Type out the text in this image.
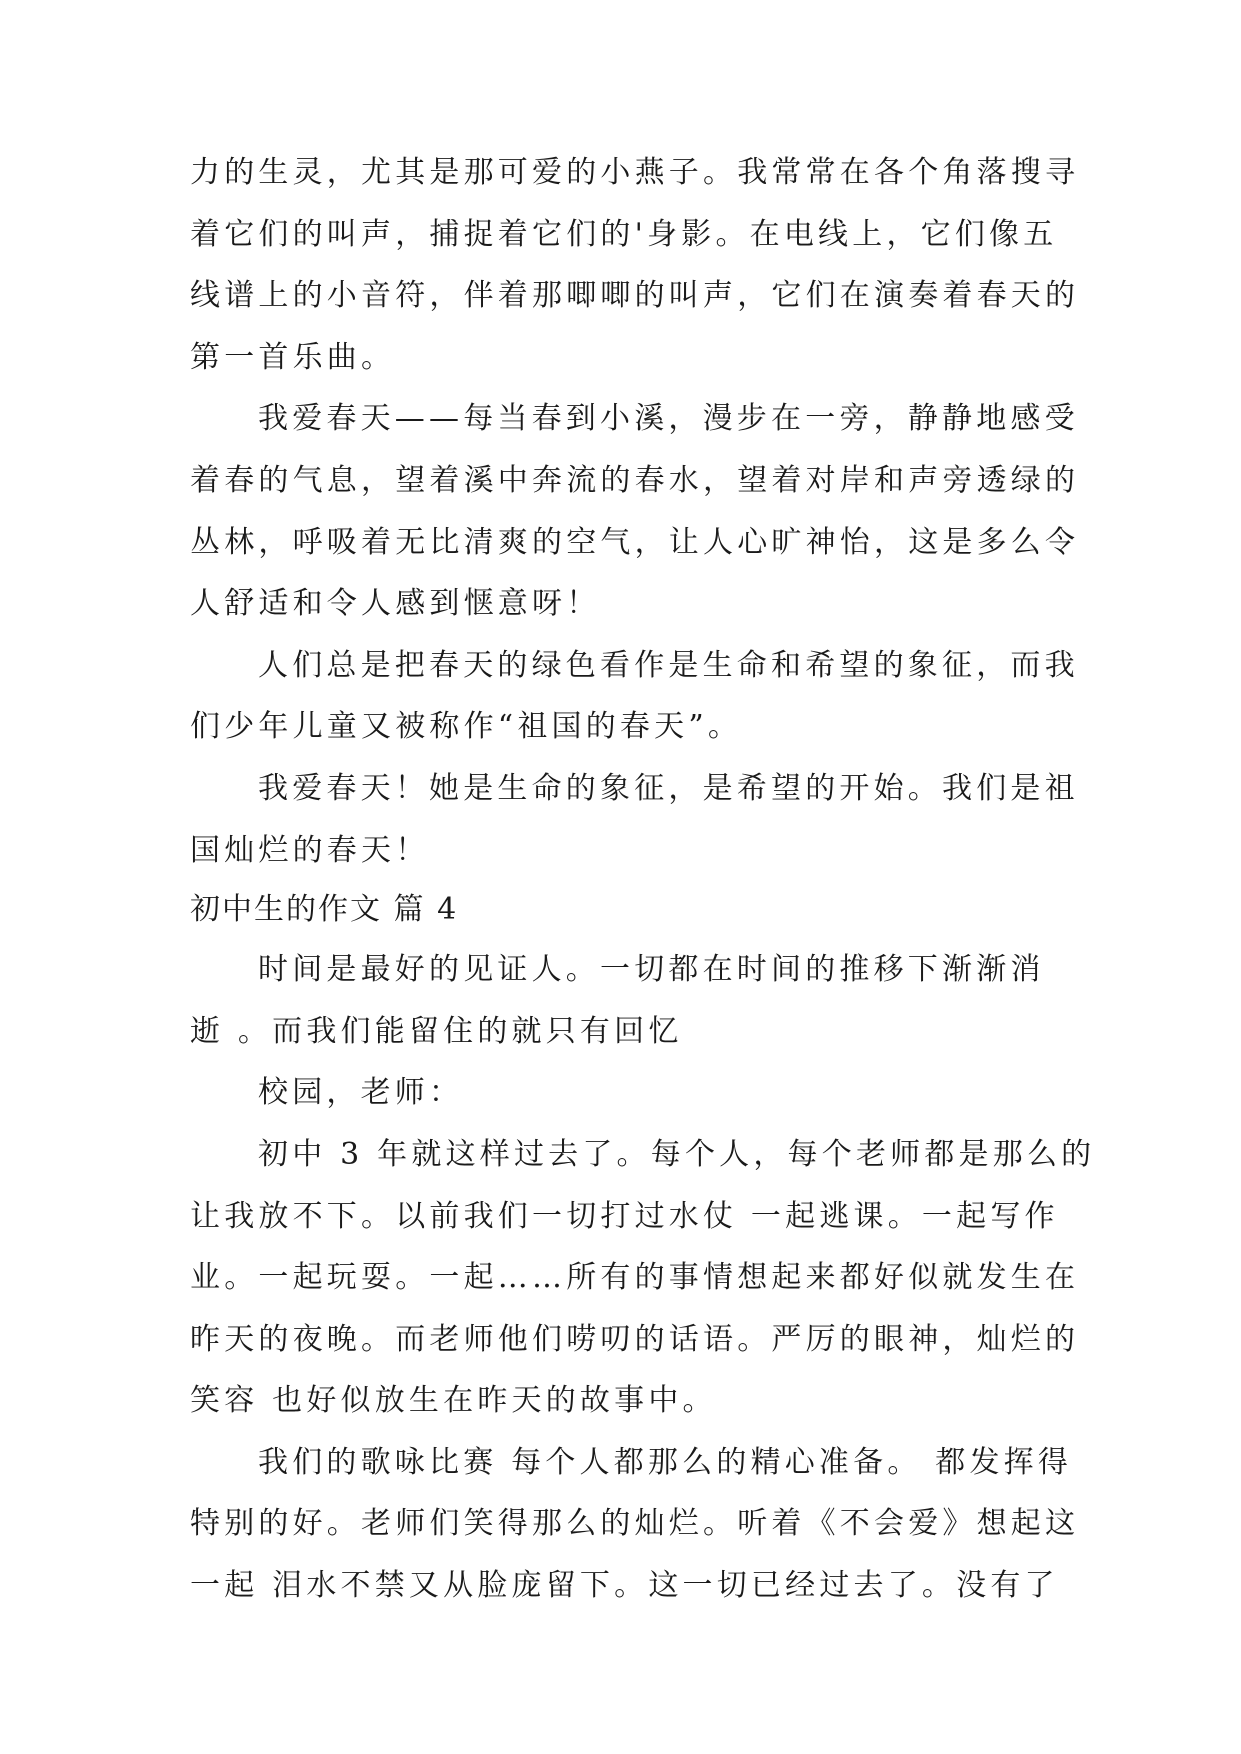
力的生灵，尤其是那可爱的小燕子。我常常在各个角落搜寻
着它们的叫声，捕捉着它们的'身影。在电线上，它们像五
线谱上的小音符，伴着那唧唧的叫声，它们在演奏着春天的
第一首乐曲。
我爱春天——每当春到小溪，漫步在一旁，静静地感受
着春的气息，望着溪中奔流的春水，望着对岸和声旁透绿的
丛林，呼吸着无比清爽的空气，让人心旷神怡，这是多么令
人舒适和令人感到惬意呀！
人们总是把春天的绿色看作是生命和希望的象征，而我
们少年儿童又被称作“祖国的春天”。
我爱春天！她是生命的象征，是希望的开始。我们是祖
国灿烂的春天！
初中生的作文 篇 4
时间是最好的见证人。一切都在时间的推移下渐渐消
逝 。而我们能留住的就只有回忆
校园，老师：
初中 3 年就这样过去了。每个人，每个老师都是那么的
让我放不下。以前我们一切打过水仗 一起逃课。一起写作
业。一起玩耍。一起……所有的事情想起来都好似就发生在
昨天的夜晚。而老师他们唠叨的话语。严厉的眼神，灿烂的
笑容 也好似放生在昨天的故事中。
我们的歌咏比赛 每个人都那么的精心准备。 都发挥得
特别的好。老师们笑得那么的灿烂。听着《不会爱》想起这
一起 泪水不禁又从脸庞留下。这一切已经过去了。没有了
